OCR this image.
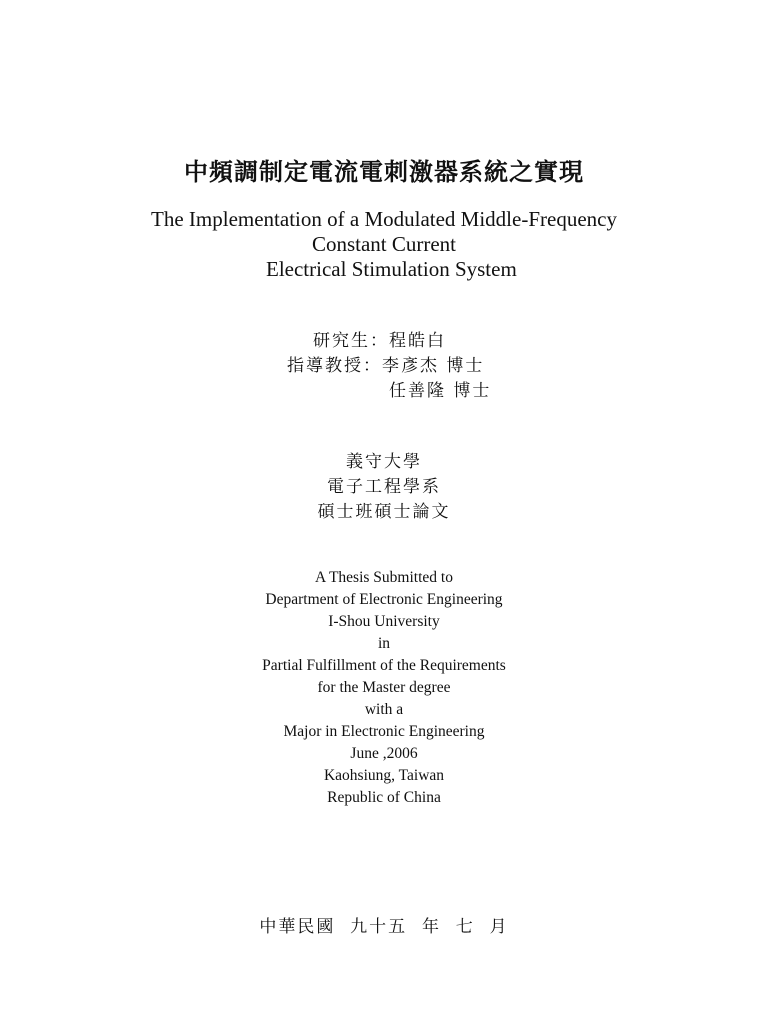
中頻調制定電流電刺激器系統之實現
The Implementation of a Modulated Middle-Frequency
Constant Current
Electrical Stimulation System
研究生：程皓白
指導教授：李彥杰 博士
任善隆 博士
義守大學
電子工程學系
碩士班碩士論文
A Thesis Submitted to
Department of Electronic Engineering
I-Shou University
in
Partial Fulfillment of the Requirements
for the Master degree
with a
Major in Electronic Engineering
June ,2006
Kaohsiung, Taiwan
Republic of China
中華民國  九十五  年  七  月
